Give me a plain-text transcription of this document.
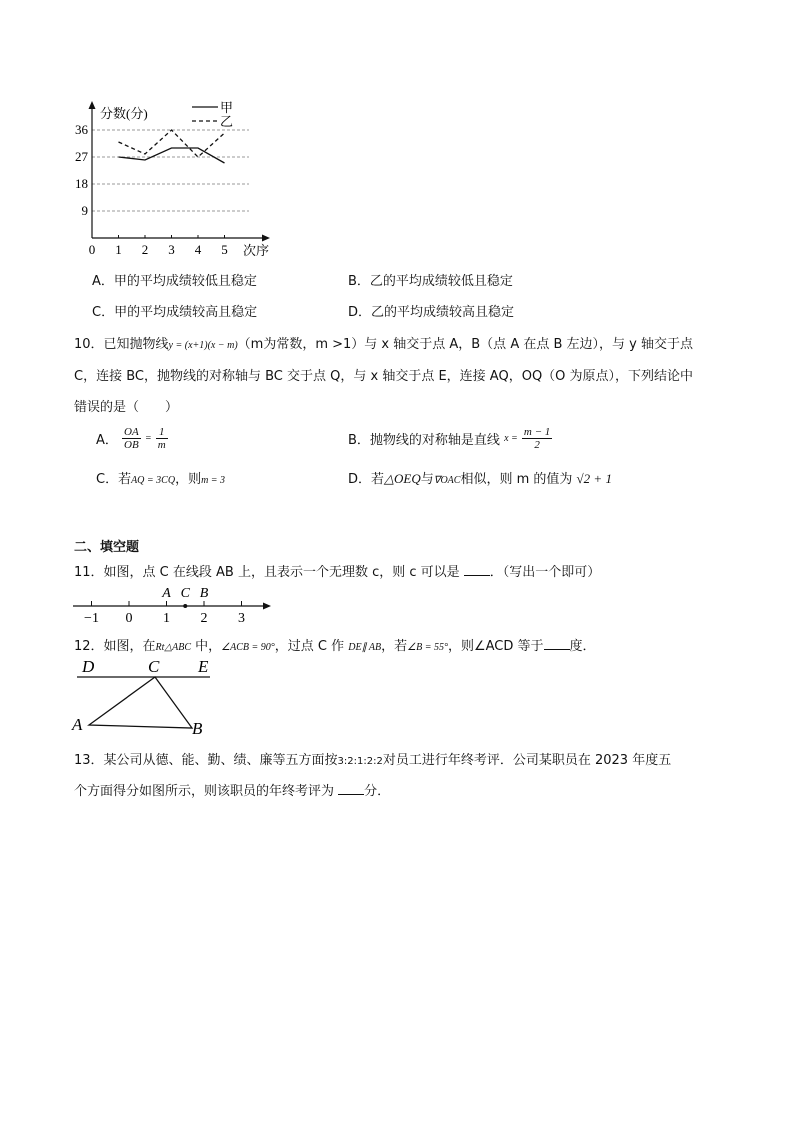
9
18
27
36
0 1 2 3 4 5
分数(分)
次序
甲
乙
A．甲的平均成绩较低且稳定	B．乙的平均成绩较低且稳定
C．甲的平均成绩较高且稳定	D．乙的平均成绩较高且稳定
10．已知抛物线y = (x+1)(x − m)（m为常数，m >1）与 x 轴交于点 A，B（点 A 在点 B 左边），与 y 轴交于点
C，连接 BC，抛物线的对称轴与 BC 交于点 Q，与 x 轴交于点 E，连接 AQ，OQ（O 为原点），下列结论中
错误的是（　　）
A． $\frac{OA}{OB} = \frac{1}{m}$	B．抛物线的对称轴是直线 $x = \frac{m - 1}{2}$
C．若AQ = 3CQ，则m = 3	D．若△OEQ与∇OAC相似，则 m 的值为 √2 + 1
二、填空题
11．如图，点 C 在线段 AB 上，且表示一个无理数 c，则 c 可以是 ．（写出一个即可）
−1 0 1 2 3
A C B
12．如图，在Rt△ABC 中，∠ACB = 90°，过点 C 作 DE∥ AB，若∠B = 55°，则∠ACD 等于 度．
D	C E
A	B
13．某公司从德、能、勤、绩、廉等五方面按3:2:1:2:2对员工进行年终考评．公司某职员在 2023 年度五
个方面得分如图所示，则该职员的年终考评为 分．
